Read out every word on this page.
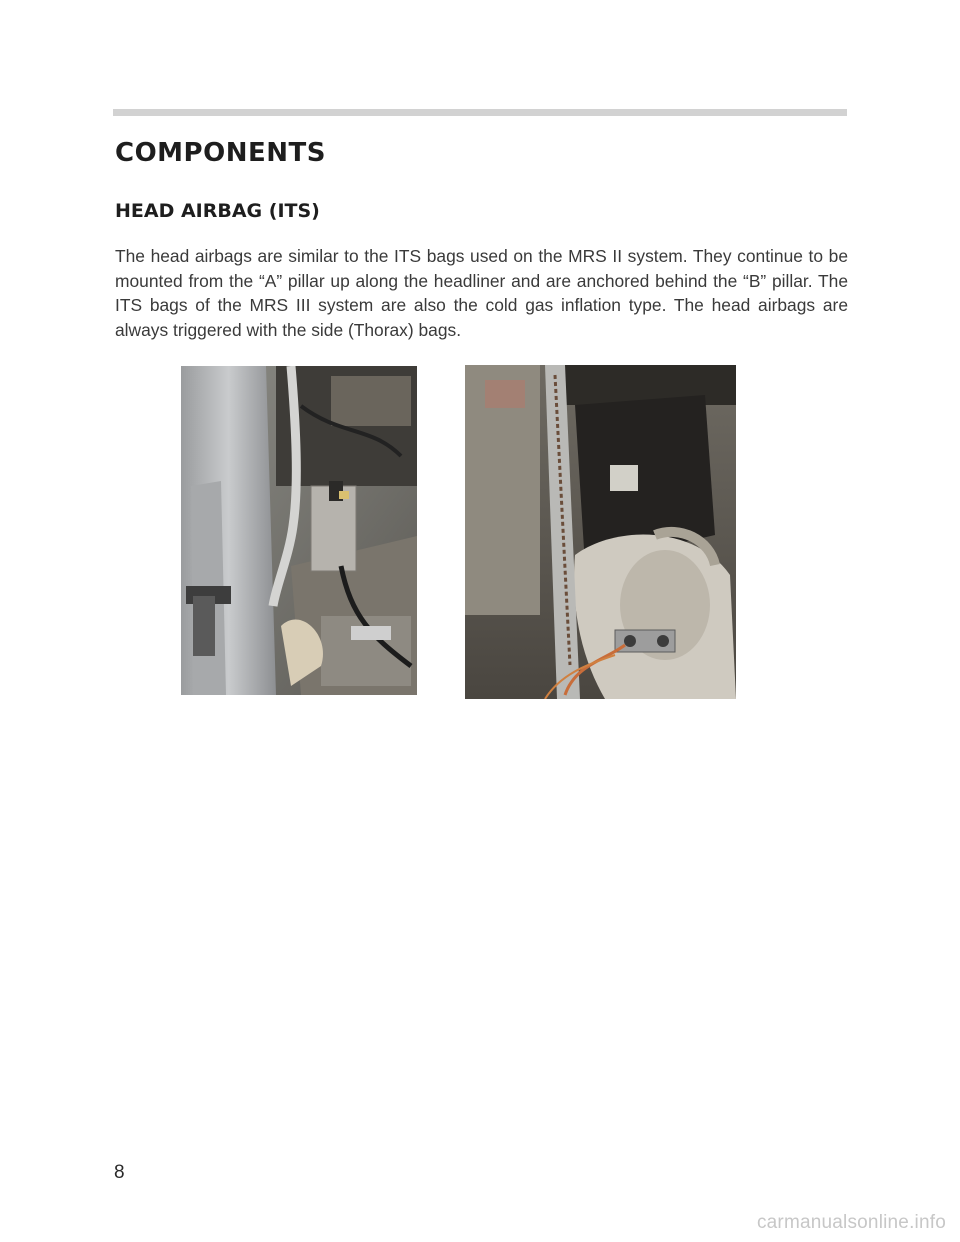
COMPONENTS
HEAD AIRBAG (ITS)

The head airbags are similar to the ITS bags used on the MRS II system. They continue to be mounted from the “A” pillar up along the headliner and are anchored behind the “B” pillar. The ITS bags of the MRS III system are also the cold gas inflation type. The head airbags are always triggered with the side (Thorax) bags.

8

carmanualsonline.info
